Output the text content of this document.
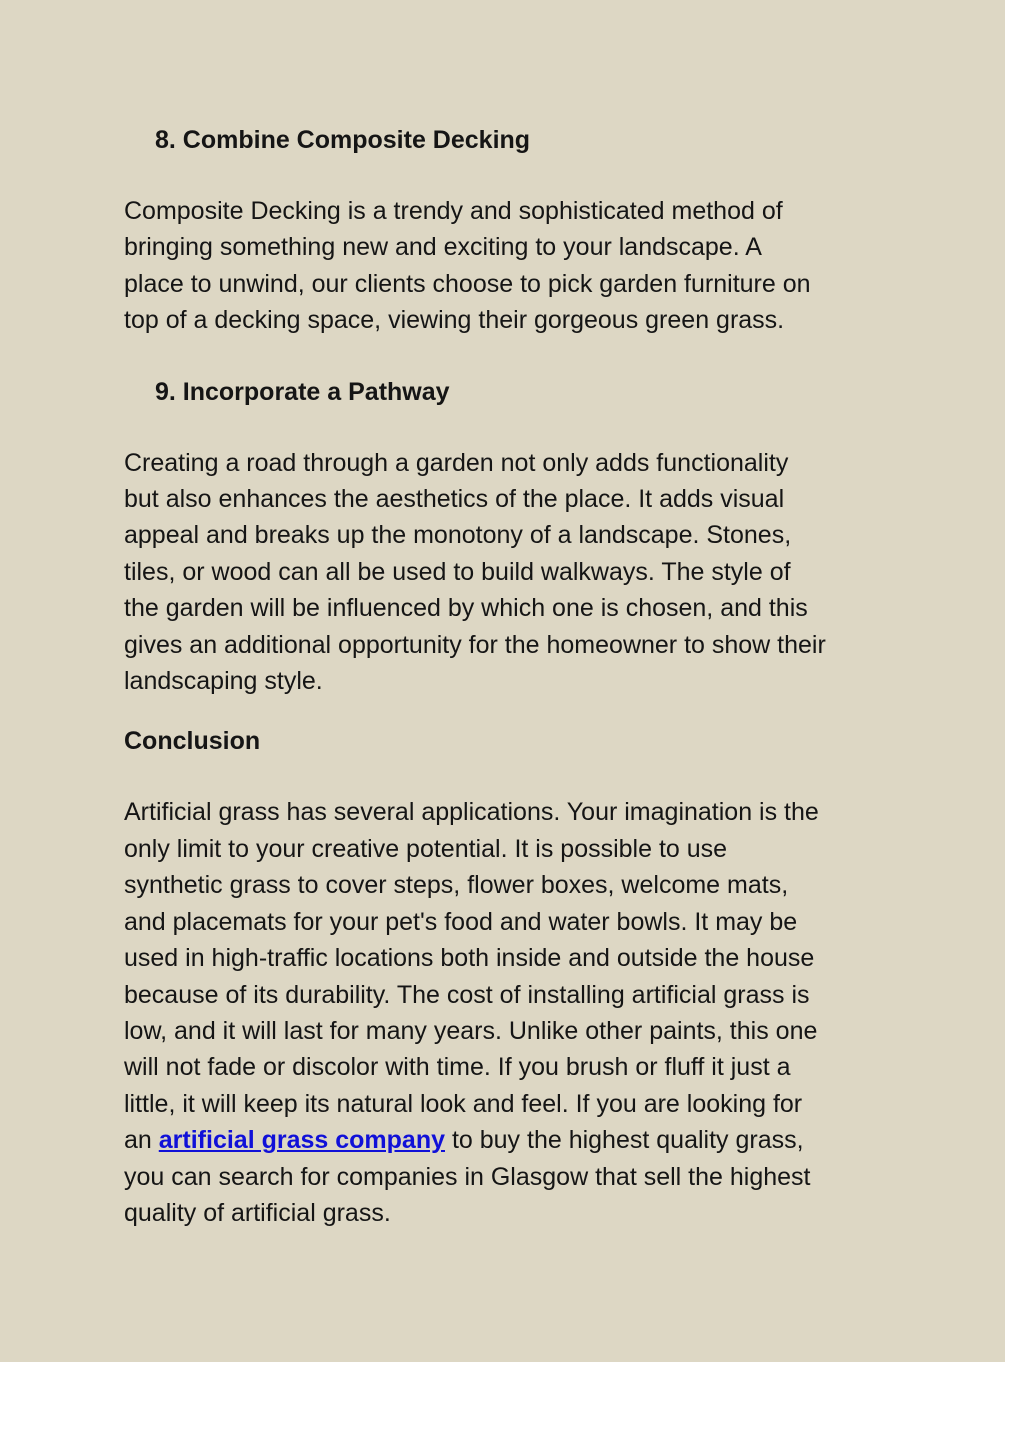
8. Combine Composite Decking

Composite Decking is a trendy and sophisticated method of
bringing something new and exciting to your landscape. A
place to unwind, our clients choose to pick garden furniture on
top of a decking space, viewing their gorgeous green grass.

9. Incorporate a Pathway

Creating a road through a garden not only adds functionality
but also enhances the aesthetics of the place. It adds visual
appeal and breaks up the monotony of a landscape. Stones,
tiles, or wood can all be used to build walkways. The style of
the garden will be influenced by which one is chosen, and this
gives an additional opportunity for the homeowner to show their
landscaping style.

Conclusion

Artificial grass has several applications. Your imagination is the
only limit to your creative potential. It is possible to use
synthetic grass to cover steps, flower boxes, welcome mats,
and placemats for your pet's food and water bowls. It may be
used in high-traffic locations both inside and outside the house
because of its durability. The cost of installing artificial grass is
low, and it will last for many years. Unlike other paints, this one
will not fade or discolor with time. If you brush or fluff it just a
little, it will keep its natural look and feel. If you are looking for
an artificial grass company to buy the highest quality grass,
you can search for companies in Glasgow that sell the highest
quality of artificial grass.
